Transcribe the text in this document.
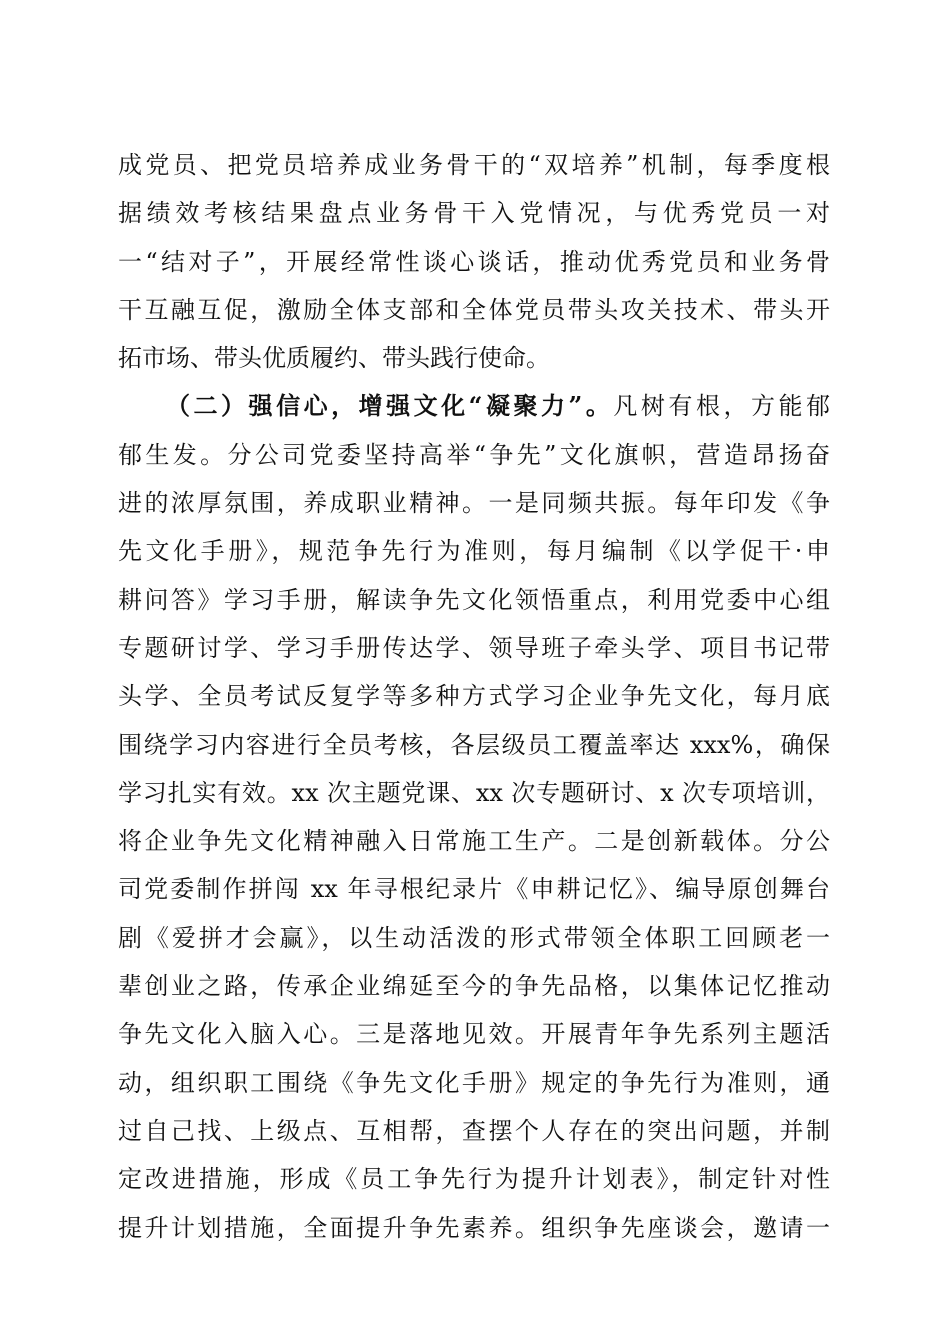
成党员、把党员培养成业务骨干的“双培养”机制，每季度根
据绩效考核结果盘点业务骨干入党情况，与优秀党员一对
一“结对子”，开展经常性谈心谈话，推动优秀党员和业务骨
干互融互促，激励全体支部和全体党员带头攻关技术、带头开
拓市场、带头优质履约、带头践行使命。
（二）强信心，增强文化“凝聚力”。凡树有根，方能郁
郁生发。分公司党委坚持高举“争先”文化旗帜，营造昂扬奋
进的浓厚氛围，养成职业精神。一是同频共振。每年印发《争
先文化手册》，规范争先行为准则，每月编制《以学促干·申
耕问答》学习手册，解读争先文化领悟重点，利用党委中心组
专题研讨学、学习手册传达学、领导班子牵头学、项目书记带
头学、全员考试反复学等多种方式学习企业争先文化，每月底
围绕学习内容进行全员考核，各层级员工覆盖率达 xxx%，确保
学习扎实有效。xx 次主题党课、xx 次专题研讨、x 次专项培训，
将企业争先文化精神融入日常施工生产。二是创新载体。分公
司党委制作拼闯 xx 年寻根纪录片《申耕记忆》、编导原创舞台
剧《爱拼才会赢》，以生动活泼的形式带领全体职工回顾老一
辈创业之路，传承企业绵延至今的争先品格，以集体记忆推动
争先文化入脑入心。三是落地见效。开展青年争先系列主题活
动，组织职工围绕《争先文化手册》规定的争先行为准则，通
过自己找、上级点、互相帮，查摆个人存在的突出问题，并制
定改进措施，形成《员工争先行为提升计划表》，制定针对性
提升计划措施，全面提升争先素养。组织争先座谈会，邀请一
